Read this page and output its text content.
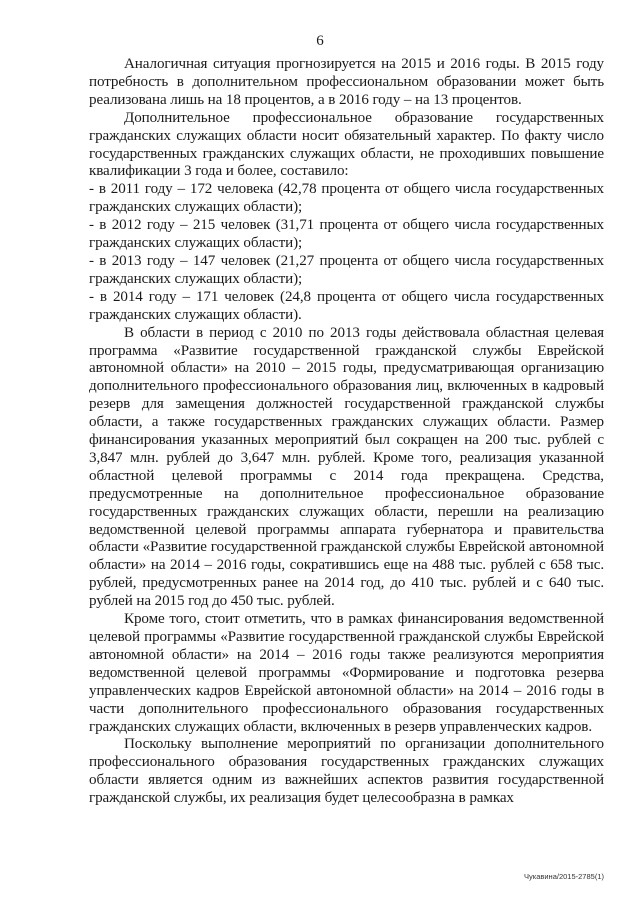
6

Аналогичная ситуация прогнозируется на 2015 и 2016 годы. В 2015 году потребность в дополнительном профессиональном образовании может быть реализована лишь на 18 процентов, а в 2016 году – на 13 процентов.

Дополнительное профессиональное образование государственных гражданских служащих области носит обязательный характер. По факту число государственных гражданских служащих области, не проходивших повышение квалификации 3 года и более, составило:

- в 2011 году – 172 человека (42,78 процента от общего числа государственных гражданских служащих области);

- в 2012 году – 215 человек (31,71 процента от общего числа государственных гражданских служащих области);

- в 2013 году – 147 человек (21,27 процента от общего числа государственных гражданских служащих области);

- в 2014 году – 171 человек (24,8 процента от общего числа государственных гражданских служащих области).

В области в период с 2010 по 2013 годы действовала областная целевая программа «Развитие государственной гражданской службы Еврейской автономной области» на 2010 – 2015 годы, предусматривающая организацию дополнительного профессионального образования лиц, включенных в кадровый резерв для замещения должностей государственной гражданской службы области, а также государственных гражданских служащих области. Размер финансирования указанных мероприятий был сокращен на 200 тыс. рублей с 3,847 млн. рублей до 3,647 млн. рублей. Кроме того, реализация указанной областной целевой программы с 2014 года прекращена. Средства, предусмотренные на дополнительное профессиональное образование государственных гражданских служащих области, перешли на реализацию ведомственной целевой программы аппарата губернатора и правительства области «Развитие государственной гражданской службы Еврейской автономной области» на 2014 – 2016 годы, сократившись еще на 488 тыс. рублей с 658 тыс. рублей, предусмотренных ранее на 2014 год, до 410 тыс. рублей и с 640 тыс. рублей на 2015 год до 450 тыс. рублей.

Кроме того, стоит отметить, что в рамках финансирования ведомственной целевой программы «Развитие государственной гражданской службы Еврейской автономной области» на 2014 – 2016 годы также реализуются мероприятия ведомственной целевой программы «Формирование и подготовка резерва управленческих кадров Еврейской автономной области» на 2014 – 2016 годы в части дополнительного профессионального образования государственных гражданских служащих области, включенных в резерв управленческих кадров.

Поскольку выполнение мероприятий по организации дополнительного профессионального образования государственных гражданских служащих области является одним из важнейших аспектов развития государственной гражданской службы, их реализация будет целесообразна в рамках

Чукавина/2015-2785(1)
